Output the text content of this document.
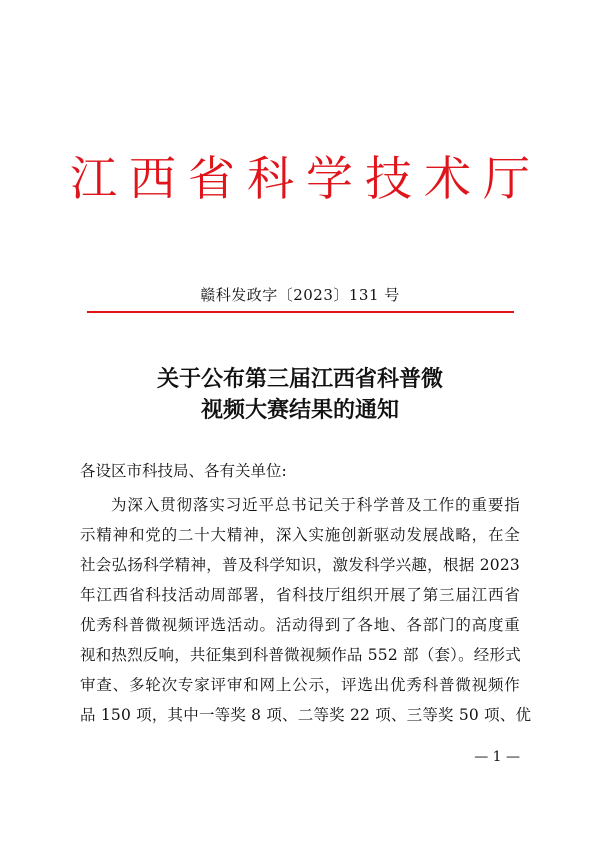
江西省科学技术厅
赣科发政字〔2023〕131 号
关于公布第三届江西省科普微
视频大赛结果的通知
各设区市科技局、各有关单位:
为深入贯彻落实习近平总书记关于科学普及工作的重要指
示精神和党的二十大精神，深入实施创新驱动发展战略，在全
社会弘扬科学精神，普及科学知识，激发科学兴趣，根据 2023
年江西省科技活动周部署，省科技厅组织开展了第三届江西省
优秀科普微视频评选活动。活动得到了各地、各部门的高度重
视和热烈反响，共征集到科普微视频作品 552 部（套）。经形式
审查、多轮次专家评审和网上公示，评选出优秀科普微视频作
品 150 项，其中一等奖 8 项、二等奖 22 项、三等奖 50 项、优
— 1 —
